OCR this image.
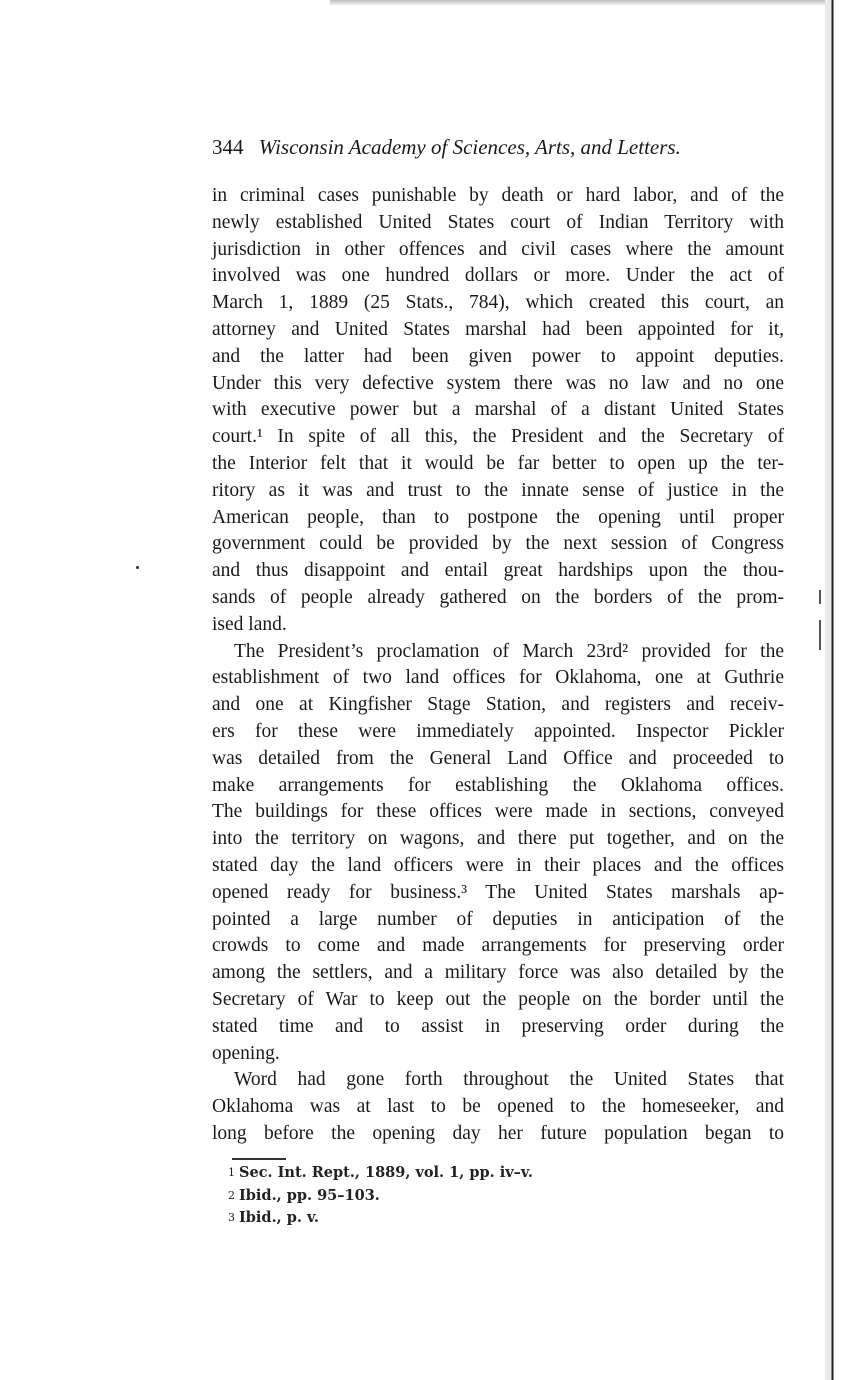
344 Wisconsin Academy of Sciences, Arts, and Letters.
in criminal cases punishable by death or hard labor, and of the
newly established United States court of Indian Territory with
jurisdiction in other offences and civil cases where the amount
involved was one hundred dollars or more. Under the act of
March 1, 1889 (25 Stats., 784), which created this court, an
attorney and United States marshal had been appointed for it,
and the latter had been given power to appoint deputies.
Under this very defective system there was no law and no one
with executive power but a marshal of a distant United States
court.¹ In spite of all this, the President and the Secretary of
the Interior felt that it would be far better to open up the ter-
ritory as it was and trust to the innate sense of justice in the
American people, than to postpone the opening until proper
government could be provided by the next session of Congress
and thus disappoint and entail great hardships upon the thou-
sands of people already gathered on the borders of the prom-
ised land.
The President’s proclamation of March 23rd² provided for the
establishment of two land offices for Oklahoma, one at Guthrie
and one at Kingfisher Stage Station, and registers and receiv-
ers for these were immediately appointed. Inspector Pickler
was detailed from the General Land Office and proceeded to
make arrangements for establishing the Oklahoma offices.
The buildings for these offices were made in sections, conveyed
into the territory on wagons, and there put together, and on the
stated day the land officers were in their places and the offices
opened ready for business.³ The United States marshals ap-
pointed a large number of deputies in anticipation of the
crowds to come and made arrangements for preserving order
among the settlers, and a military force was also detailed by the
Secretary of War to keep out the people on the border until the
stated time and to assist in preserving order during the
opening.
Word had gone forth throughout the United States that
Oklahoma was at last to be opened to the homeseeker, and
long before the opening day her future population began to
1 Sec. Int. Rept., 1889, vol. 1, pp. iv–v.
2 Ibid., pp. 95–103.
3 Ibid., p. v.
